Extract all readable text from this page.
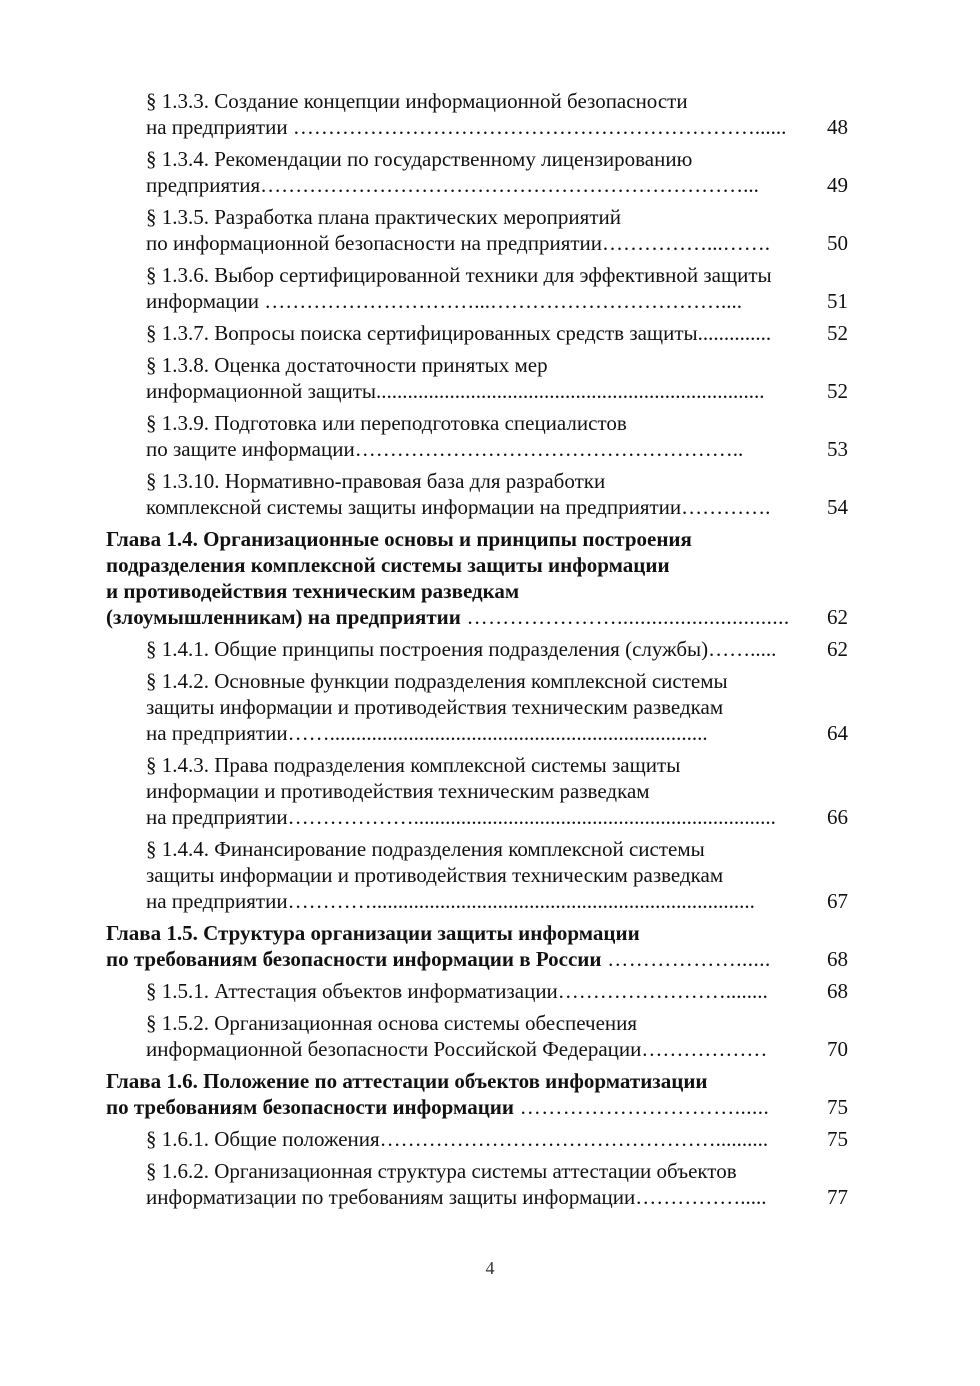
§ 1.3.3. Создание концепции информационной безопасности
на предприятии …………………………………………………………......	48
§ 1.3.4. Рекомендации по государственному лицензированию
предприятия……………………………………………………………...	49
§ 1.3.5. Разработка плана практических мероприятий
по информационной безопасности на предприятии……………...…….	50
§ 1.3.6. Выбор сертифицированной техники для эффективной защиты
информации …………………………...……………………………....	51
§ 1.3.7. Вопросы поиска сертифицированных средств защиты..............	52
§ 1.3.8. Оценка достаточности принятых мер
информационной защиты..........................................................................	52
§ 1.3.9. Подготовка или переподготовка специалистов
по защите информации………………………………………………..	53
§ 1.3.10. Нормативно-правовая база для разработки
комплексной системы защиты информации на предприятии………….	54
Глава 1.4. Организационные основы и принципы построения
подразделения комплексной системы защиты информации
и противодействия техническим разведкам
(злоумышленникам) на предприятии …………………..............................	62
§ 1.4.1. Общие принципы построения подразделения (службы)…….....	62
§ 1.4.2. Основные функции подразделения комплексной системы
защиты информации и противодействия техническим разведкам
на предприятии……........................................................................	64
§ 1.4.3. Права подразделения комплексной системы защиты
информации и противодействия техническим разведкам
на предприятии……………….....................................................................	66
§ 1.4.4. Финансирование подразделения комплексной системы
защиты информации и противодействия техническим разведкам
на предприятии………….........................................................................	67
Глава 1.5. Структура организации защиты информации
по требованиям безопасности информации в России ………………......	68
§ 1.5.1. Аттестация объектов информатизации……………………........	68
§ 1.5.2. Организационная основа системы обеспечения
информационной безопасности Российской Федерации………………	70
Глава 1.6. Положение по аттестации объектов информатизации
по требованиям безопасности информации …………………………......	75
§ 1.6.1. Общие положения…………………………………………..........	75
§ 1.6.2. Организационная структура системы аттестации объектов
информатизации по требованиям защиты информации…………….....	77
4
